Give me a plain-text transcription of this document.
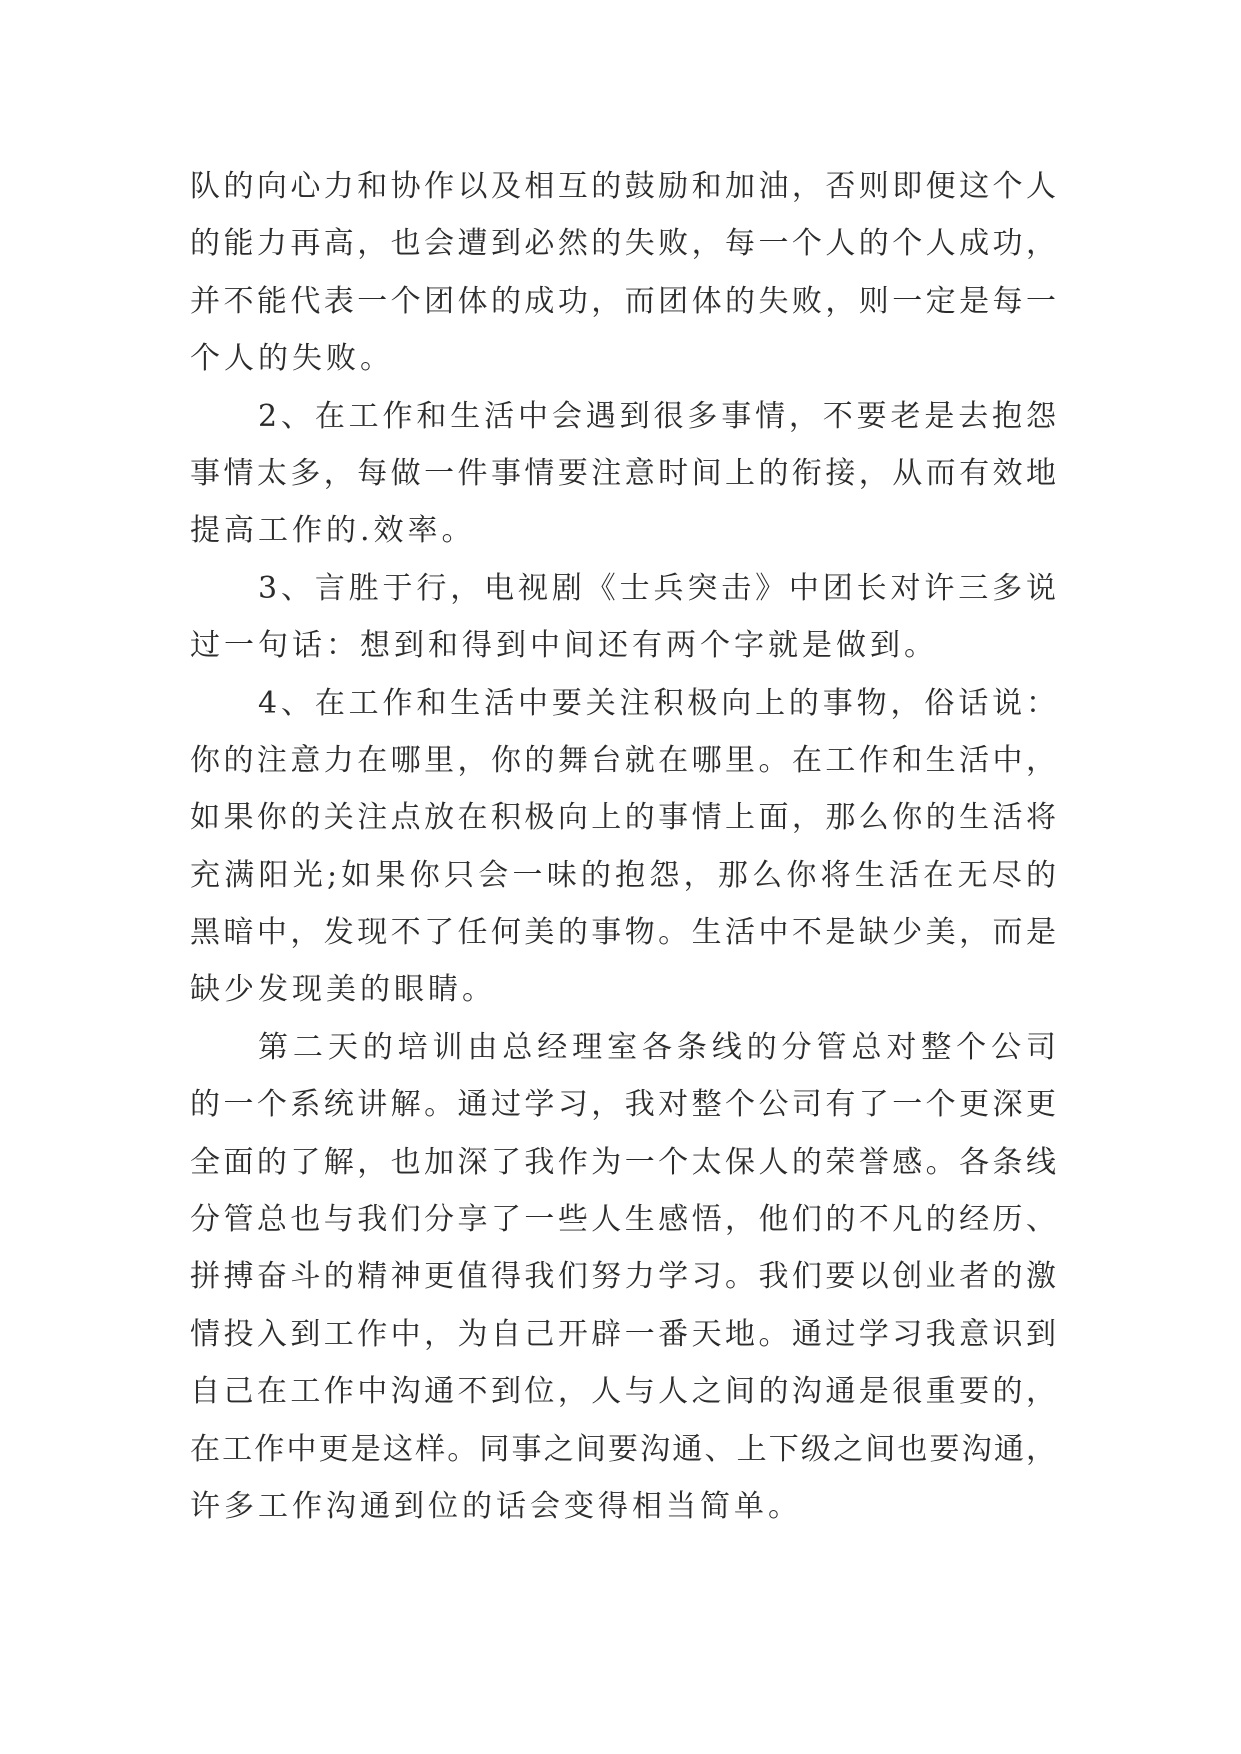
队的向心力和协作以及相互的鼓励和加油，否则即便这个人
的能力再高，也会遭到必然的失败，每一个人的个人成功，
并不能代表一个团体的成功，而团体的失败，则一定是每一
个人的失败。
2、在工作和生活中会遇到很多事情，不要老是去抱怨
事情太多，每做一件事情要注意时间上的衔接，从而有效地
提高工作的.效率。
3、言胜于行，电视剧《士兵突击》中团长对许三多说
过一句话：想到和得到中间还有两个字就是做到。
4、在工作和生活中要关注积极向上的事物，俗话说：
你的注意力在哪里，你的舞台就在哪里。在工作和生活中，
如果你的关注点放在积极向上的事情上面，那么你的生活将
充满阳光;如果你只会一味的抱怨，那么你将生活在无尽的
黑暗中，发现不了任何美的事物。生活中不是缺少美，而是
缺少发现美的眼睛。
第二天的培训由总经理室各条线的分管总对整个公司
的一个系统讲解。通过学习，我对整个公司有了一个更深更
全面的了解，也加深了我作为一个太保人的荣誉感。各条线
分管总也与我们分享了一些人生感悟，他们的不凡的经历、
拼搏奋斗的精神更值得我们努力学习。我们要以创业者的激
情投入到工作中，为自己开辟一番天地。通过学习我意识到
自己在工作中沟通不到位，人与人之间的沟通是很重要的，
在工作中更是这样。同事之间要沟通、上下级之间也要沟通，
许多工作沟通到位的话会变得相当简单。
